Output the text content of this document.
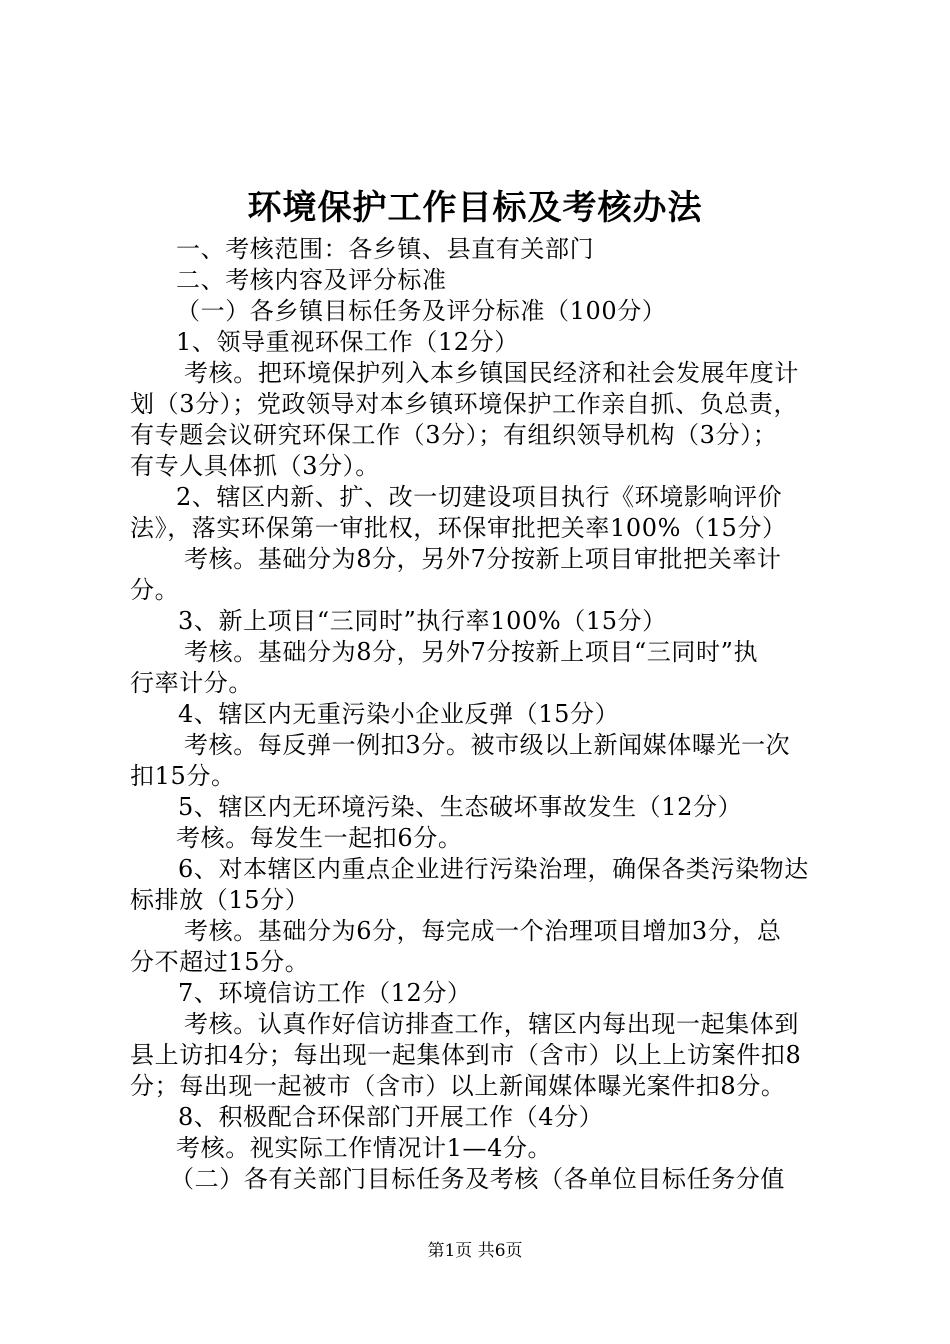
环境保护工作目标及考核办法
一、考核范围：各乡镇、县直有关部门
二、考核内容及评分标准
（一）各乡镇目标任务及评分标准（100分）
1、领导重视环保工作（12分）
考核。把环境保护列入本乡镇国民经济和社会发展年度计
划（3分）；党政领导对本乡镇环境保护工作亲自抓、负总责，
有专题会议研究环保工作（3分）；有组织领导机构（3分）；
有专人具体抓（3分）。
2、辖区内新、扩、改一切建设项目执行《环境影响评价
法》，落实环保第一审批权，环保审批把关率100%（15分）
考核。基础分为8分，另外7分按新上项目审批把关率计
分。
3、新上项目“三同时”执行率100%（15分）
考核。基础分为8分，另外7分按新上项目“三同时”执
行率计分。
4、辖区内无重污染小企业反弹（15分）
考核。每反弹一例扣3分。被市级以上新闻媒体曝光一次
扣15分。
5、辖区内无环境污染、生态破坏事故发生（12分）
考核。每发生一起扣6分。
6、对本辖区内重点企业进行污染治理，确保各类污染物达
标排放（15分）
考核。基础分为6分，每完成一个治理项目增加3分，总
分不超过15分。
7、环境信访工作（12分）
考核。认真作好信访排查工作，辖区内每出现一起集体到
县上访扣4分；每出现一起集体到市（含市）以上上访案件扣8
分；每出现一起被市（含市）以上新闻媒体曝光案件扣8分。
8、积极配合环保部门开展工作（4分）
考核。视实际工作情况计1—4分。
（二）各有关部门目标任务及考核（各单位目标任务分值
第1页 共6页
